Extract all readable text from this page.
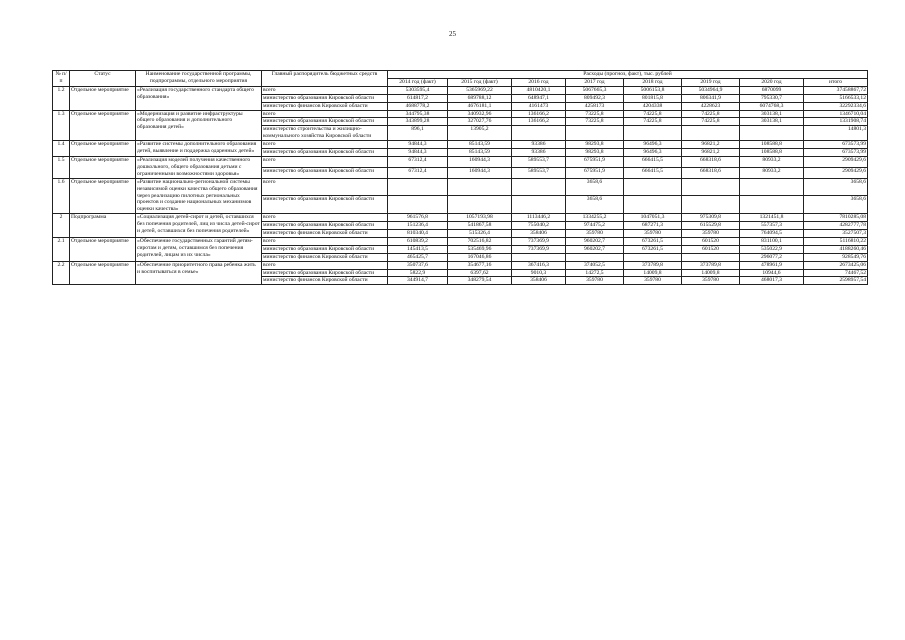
25
№ п/п	Статус	Наименование государственной программы, подпрограммы, отдельного мероприятия	Главный распорядитель бюджетных средств	Расходы (прогноз, факт), тыс. рублей							
				2014 год (факт)	2015 год (факт)	2016 год	2017 год	2018 год	2019 год	2020 год	итого
1.2	Отдельное мероприятие	«Реализация государственного стандарта общего образования»	всего	5303595,4	5365969,22	4810420,1	5067665,3	5006153,8	5034964,9	6870099	37458867,72
			министерство образования Кировской области	614817,2	689788,12	648947,1	809492,3	801815,8	806341,9	795330,7	5166533,12
			министерство финансов Кировской области	4688778,2	4676181,1	4161473	4258173	4204338	4228623	6074768,3	32292334,6
1.3	Отдельное мероприятие	«Модернизация и развитие инфраструктуры общего образования и дополнительного образования детей»	всего	344795,38	340932,96	136166,2	73225,8	74225,8	74225,8	303138,1	1346710,04
			министерство образования Кировской области	343899,28	327027,76	136166,2	73225,8	74225,8	74225,8	303138,1	1331908,74
			министерство строительства и жилищно-коммунального хозяйства Кировской области	896,1	13905,2						14801,3
1.4	Отдельное мероприятие	«Развитие системы дополнительного образования детей, выявление и поддержка одаренных детей»	всего	94844,3	85143,59	93386	98293,8	96496,3	96821,2	108588,8	673573,99
			министерство образования Кировской области	94844,3	85143,59	93386	98293,8	96496,3	96821,2	108588,8	673573,99
1.5	Отдельное мероприятие	«Реализация моделей получения качественного дошкольного, общего образования детьми с ограниченными возможностями здоровья»	всего	67312,4	160944,3	589553,7	675951,9	666415,5	668318,6	80933,2	2909429,6
			министерство образования Кировской области	67312,4	160944,3	589553,7	675951,9	666415,5	668318,6	80933,2	2909429,6
1.6	Отдельное мероприятие	«Развитие национально-региональной системы независимой оценки качества общего образования через реализацию пилотных региональных проектов и создание национальных механизмов оценки качества»	всего				3658,6				3658,6
			министерство образования Кировской области				3658,6				3658,6
2	Подпрограмма	«Социализация детей-сирот и детей, оставшихся без попечения родителей, лиц из числа детей-сирот и детей, оставшихся без попечения родителей»	всего	961576,8	1057193,98	1113446,2	1334255,2	1047051,3	975309,8	1321451,8	7810285,08
			министерство образования Кировской области	151236,4	541867,58	755040,2	974475,2	687271,3	615529,8	557357,3	4282777,78
			министерство финансов Кировской области	810340,4	515326,4	358406	359780	359780	359780	764094,5	3527507,3
2.1	Отдельное мероприятие	«Обеспечение государственных гарантий детям-сиротам и детям, оставшимся без попечения родителей, лицам из их числа»	всего	610839,2	702516,82	737369,9	960202,7	673261,5	601520	831100,1	5116810,22
			министерство образования Кировской области	145413,5	535469,96	737369,9	960202,7	673261,5	601520	535022,9	4188260,46
			министерство финансов Кировской области	465425,7	167046,86					296077,2	928549,76
2.2	Отдельное мероприятие	«Обеспечение приоритетного права ребенка жить и воспитываться в семье»	всего	350737,6	354677,16	367416,3	374052,5	373789,8	373789,8	478961,9	2673425,06
			министерство образования Кировской области	5822,9	6397,62	9010,3	14272,5	14009,8	14009,8	10944,6	74467,52
			министерство финансов Кировской области	344914,7	348279,54	358406	359780	359780	359780	468017,3	2598957,54
